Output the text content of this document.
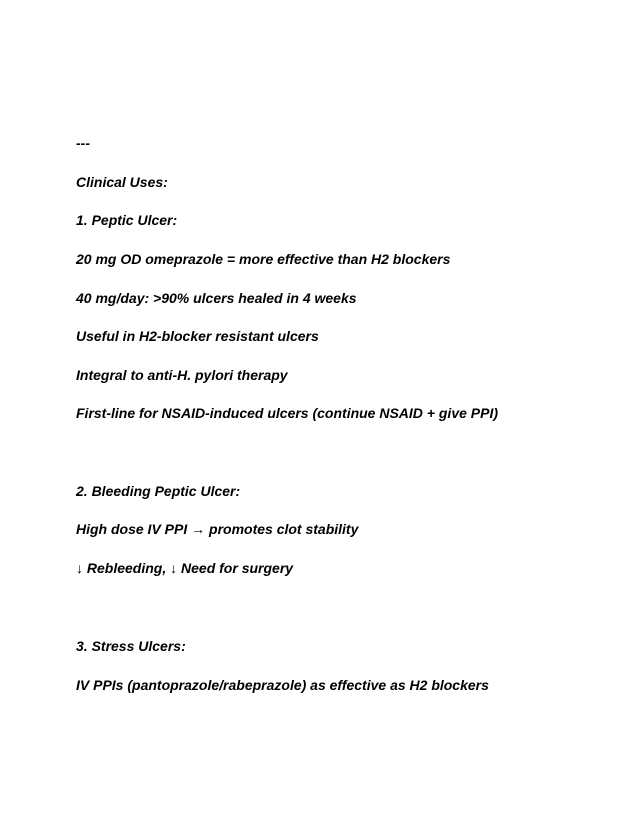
---

Clinical Uses:

1. Peptic Ulcer:

20 mg OD omeprazole = more effective than H2 blockers

40 mg/day: >90% ulcers healed in 4 weeks

Useful in H2-blocker resistant ulcers

Integral to anti-H. pylori therapy

First-line for NSAID-induced ulcers (continue NSAID + give PPI)

2. Bleeding Peptic Ulcer:

High dose IV PPI → promotes clot stability

↓ Rebleeding, ↓ Need for surgery

3. Stress Ulcers:

IV PPIs (pantoprazole/rabeprazole) as effective as H2 blockers
